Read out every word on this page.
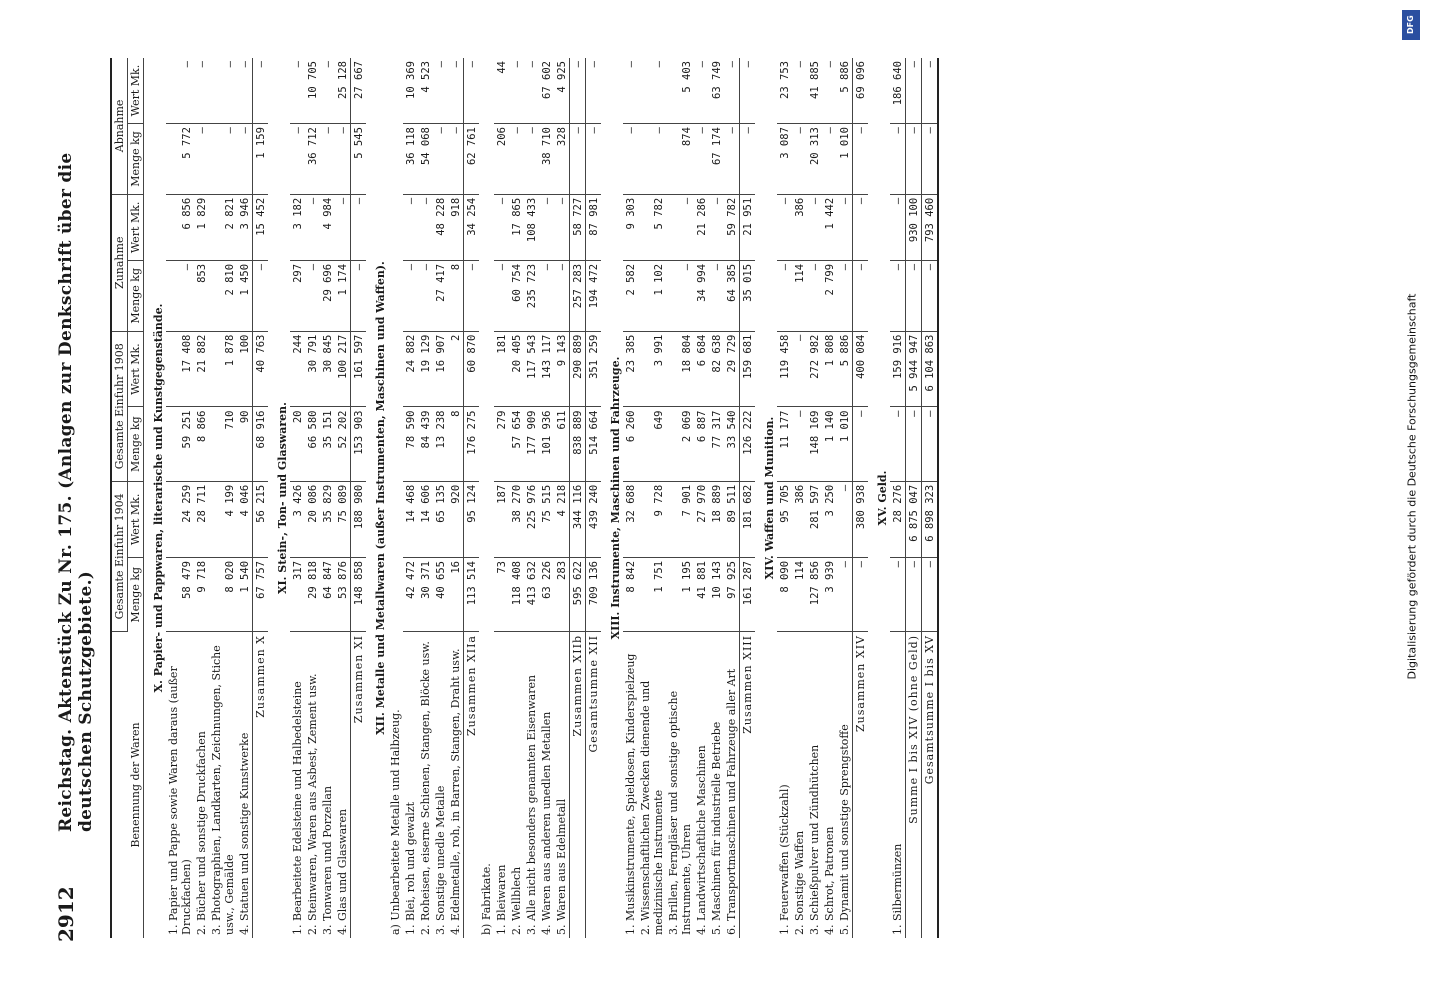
2912
Reichstag. Aktenstück Zu Nr. 175. (Anlagen zur Denkschrift über die deutschen Schutzgebiete.)	Benennung der Waren	Gesamte Einfuhr 1904		Gesamte Einfuhr 1908		Zunahme		Abnahme	
	Menge kg	Wert Mk.	Menge kg	Wert Mk.	Menge kg	Wert Mk.	Menge kg	Wert Mk.
X. Papier- und Pappwaren, literarische und Kunstgegenstände.								
1. Papier und Pappe sowie Waren daraus (außer Druckfachen)	58 479	24 259	59 251	17 408	—	6 856	5 772	—
2. Bücher und sonstige Druckfachen	9 718	28 711	8 866	21 882	853	1 829	—	—
3. Photographien, Landkarten, Zeichnungen, Stiche usw., Gemälde	8 020	4 199	710	1 878	2 810	2 821	—	—
4. Statuen und sonstige Kunstwerke	1 540	4 046	90	100	1 450	3 946	—	—
Zusammen X	67 757	56 215	68 916	40 763	—	15 452	1 159	—
XI. Stein-, Ton- und Glaswaren.								
1. Bearbeitete Edelsteine und Halbedelsteine	317	3 426	20	244	297	3 182	—	—
2. Steinwaren, Waren aus Asbest, Zement usw.	29 818	20 086	66 580	30 791	—	—	36 712	10 705
3. Tonwaren und Porzellan	64 847	35 829	35 151	30 845	29 696	4 984	—	—
4. Glas und Glaswaren	53 876	75 089	52 202	100 217	1 174	—	—	25 128
Zusammen XI	148 858	188 980	153 903	161 597	—	—	5 545	27 667
XII. Metalle und Metallwaren (außer Instrumenten, Maschinen und Waffen).								
a) Unbearbeitete Metalle und Halbzeug.								
1. Blei, roh und gewalzt	42 472	14 468	78 590	24 882	—	—	36 118	10 369
2. Roheisen, eiserne Schienen, Stangen, Blöcke usw.	30 371	14 606	84 439	19 129	—	—	54 068	4 523
3. Sonstige unedle Metalle	40 655	65 135	13 238	16 907	27 417	48 228	—	—
4. Edelmetalle, roh, in Barren, Stangen, Draht usw.	16	920	8	2	8	918	—	—
Zusammen XIIa	113 514	95 124	176 275	60 870	—	34 254	62 761	—
b) Fabrikate.								
1. Bleiwaren	73	187	279	181	—	—	206	44
2. Wellblech	118 408	38 270	57 654	20 405	60 754	17 865	—	—
3. Alle nicht besonders genannten Eisenwaren	413 632	225 976	177 909	117 543	235 723	108 433	—	—
4. Waren aus anderen unedlen Metallen	63 226	75 515	101 936	143 117	—	—	38 710	67 602
5. Waren aus Edelmetall	283	4 218	611	9 143	—	—	328	4 925
Zusammen XIIb	595 622	344 116	838 889	290 889	257 283	58 727	—	—
Gesamtsumme XII	709 136	439 240	514 664	351 259	194 472	87 981	—	—
XIII. Instrumente, Maschinen und Fahrzeuge.								
1. Musikinstrumente, Spieldosen, Kinderspielzeug	8 842	32 688	6 260	23 385	2 582	9 303	—	—
2. Wissenschaftlichen Zwecken dienende und medizinische Instrumente	1 751	9 728	649	3 991	1 102	5 782	—	—
3. Brillen, Ferngläser und sonstige optische Instrumente, Uhren	1 195	7 901	2 069	18 804	—	—	874	5 403
4. Landwirtschaftliche Maschinen	41 881	27 970	6 887	6 684	34 994	21 286	—	—
5. Maschinen für industrielle Betriebe	10 143	18 889	77 317	82 638	—	—	67 174	63 749
6. Transportmaschinen und Fahrzeuge aller Art	97 925	89 511	33 540	29 729	64 385	59 782	—	—
Zusammen XIII	161 287	181 682	126 222	159 681	35 015	21 951	—	—
XIV. Waffen und Munition.								
1. Feuerwaffen (Stückzahl)	8 090	95 705	11 177	119 458	—	—	3 087	23 753
2. Sonstige Waffen	114	386	—	—	114	386	—	—
3. Schießpulver und Zündhütchen	127 856	281 597	148 169	272 982	—	—	20 313	41 885
4. Schrot, Patronen	3 939	3 250	1 140	1 808	2 799	1 442	—	—
5. Dynamit und sonstige Sprengstoffe	—	—	1 010	5 886	—	—	1 010	5 886
Zusammen XIV	—	380 938	—	400 084	—	—	—	69 096
XV. Geld.								
1. Silbermünzen	—	28 276	—	159 916	—	—	—	186 640
Summe I bis XIV (ohne Geld)	—	6 875 047	—	5 944 947	—	930 100	—	—
Gesamtsumme I bis XV	—	6 898 323	—	6 104 863	—	793 460	—	—
DFG
Digitalisierung gefördert durch die Deutsche Forschungsgemeinschaft
